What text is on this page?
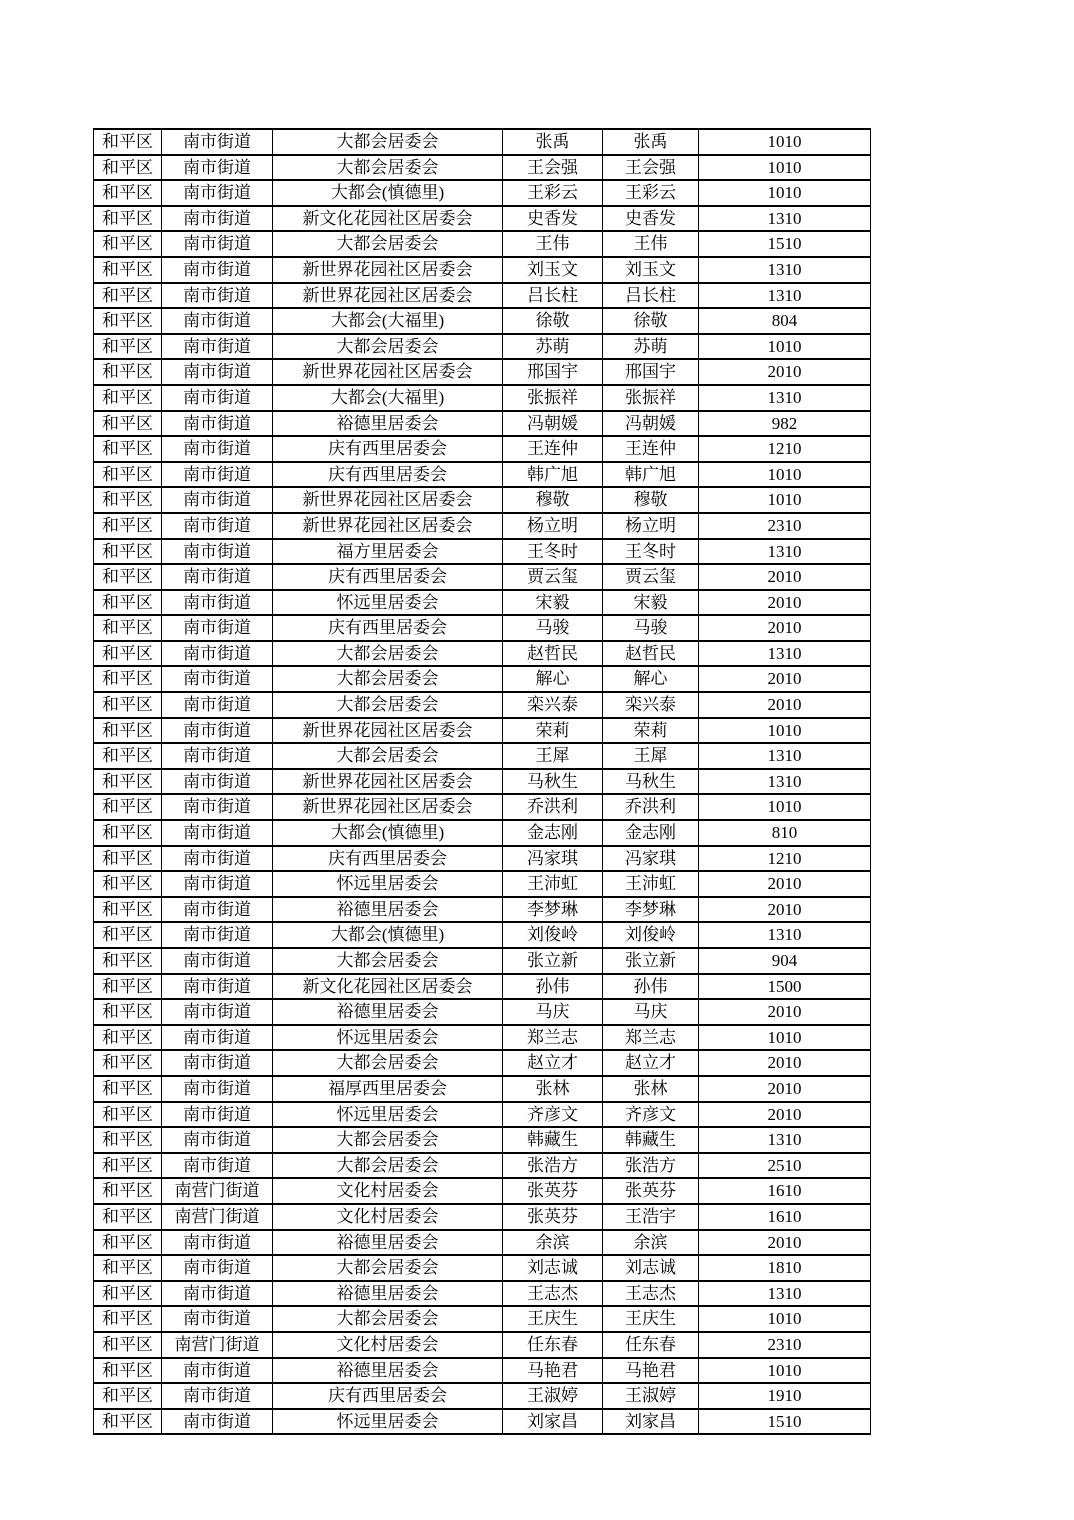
和平区	南市街道	大都会居委会	张禹	张禹	1010
和平区	南市街道	大都会居委会	王会强	王会强	1010
和平区	南市街道	大都会(慎德里)	王彩云	王彩云	1010
和平区	南市街道	新文化花园社区居委会	史香发	史香发	1310
和平区	南市街道	大都会居委会	王伟	王伟	1510
和平区	南市街道	新世界花园社区居委会	刘玉文	刘玉文	1310
和平区	南市街道	新世界花园社区居委会	吕长柱	吕长柱	1310
和平区	南市街道	大都会(大福里)	徐敬	徐敬	804
和平区	南市街道	大都会居委会	苏萌	苏萌	1010
和平区	南市街道	新世界花园社区居委会	邢国宇	邢国宇	2010
和平区	南市街道	大都会(大福里)	张振祥	张振祥	1310
和平区	南市街道	裕德里居委会	冯朝媛	冯朝媛	982
和平区	南市街道	庆有西里居委会	王连仲	王连仲	1210
和平区	南市街道	庆有西里居委会	韩广旭	韩广旭	1010
和平区	南市街道	新世界花园社区居委会	穆敬	穆敬	1010
和平区	南市街道	新世界花园社区居委会	杨立明	杨立明	2310
和平区	南市街道	福方里居委会	王冬时	王冬时	1310
和平区	南市街道	庆有西里居委会	贾云玺	贾云玺	2010
和平区	南市街道	怀远里居委会	宋毅	宋毅	2010
和平区	南市街道	庆有西里居委会	马骏	马骏	2010
和平区	南市街道	大都会居委会	赵哲民	赵哲民	1310
和平区	南市街道	大都会居委会	解心	解心	2010
和平区	南市街道	大都会居委会	栾兴泰	栾兴泰	2010
和平区	南市街道	新世界花园社区居委会	荣莉	荣莉	1010
和平区	南市街道	大都会居委会	王犀	王犀	1310
和平区	南市街道	新世界花园社区居委会	马秋生	马秋生	1310
和平区	南市街道	新世界花园社区居委会	乔洪利	乔洪利	1010
和平区	南市街道	大都会(慎德里)	金志刚	金志刚	810
和平区	南市街道	庆有西里居委会	冯家琪	冯家琪	1210
和平区	南市街道	怀远里居委会	王沛虹	王沛虹	2010
和平区	南市街道	裕德里居委会	李梦琳	李梦琳	2010
和平区	南市街道	大都会(慎德里)	刘俊岭	刘俊岭	1310
和平区	南市街道	大都会居委会	张立新	张立新	904
和平区	南市街道	新文化花园社区居委会	孙伟	孙伟	1500
和平区	南市街道	裕德里居委会	马庆	马庆	2010
和平区	南市街道	怀远里居委会	郑兰志	郑兰志	1010
和平区	南市街道	大都会居委会	赵立才	赵立才	2010
和平区	南市街道	福厚西里居委会	张林	张林	2010
和平区	南市街道	怀远里居委会	齐彦文	齐彦文	2010
和平区	南市街道	大都会居委会	韩藏生	韩藏生	1310
和平区	南市街道	大都会居委会	张浩方	张浩方	2510
和平区	南营门街道	文化村居委会	张英芬	张英芬	1610
和平区	南营门街道	文化村居委会	张英芬	王浩宇	1610
和平区	南市街道	裕德里居委会	余滨	余滨	2010
和平区	南市街道	大都会居委会	刘志诚	刘志诚	1810
和平区	南市街道	裕德里居委会	王志杰	王志杰	1310
和平区	南市街道	大都会居委会	王庆生	王庆生	1010
和平区	南营门街道	文化村居委会	任东春	任东春	2310
和平区	南市街道	裕德里居委会	马艳君	马艳君	1010
和平区	南市街道	庆有西里居委会	王淑婷	王淑婷	1910
和平区	南市街道	怀远里居委会	刘家昌	刘家昌	1510
